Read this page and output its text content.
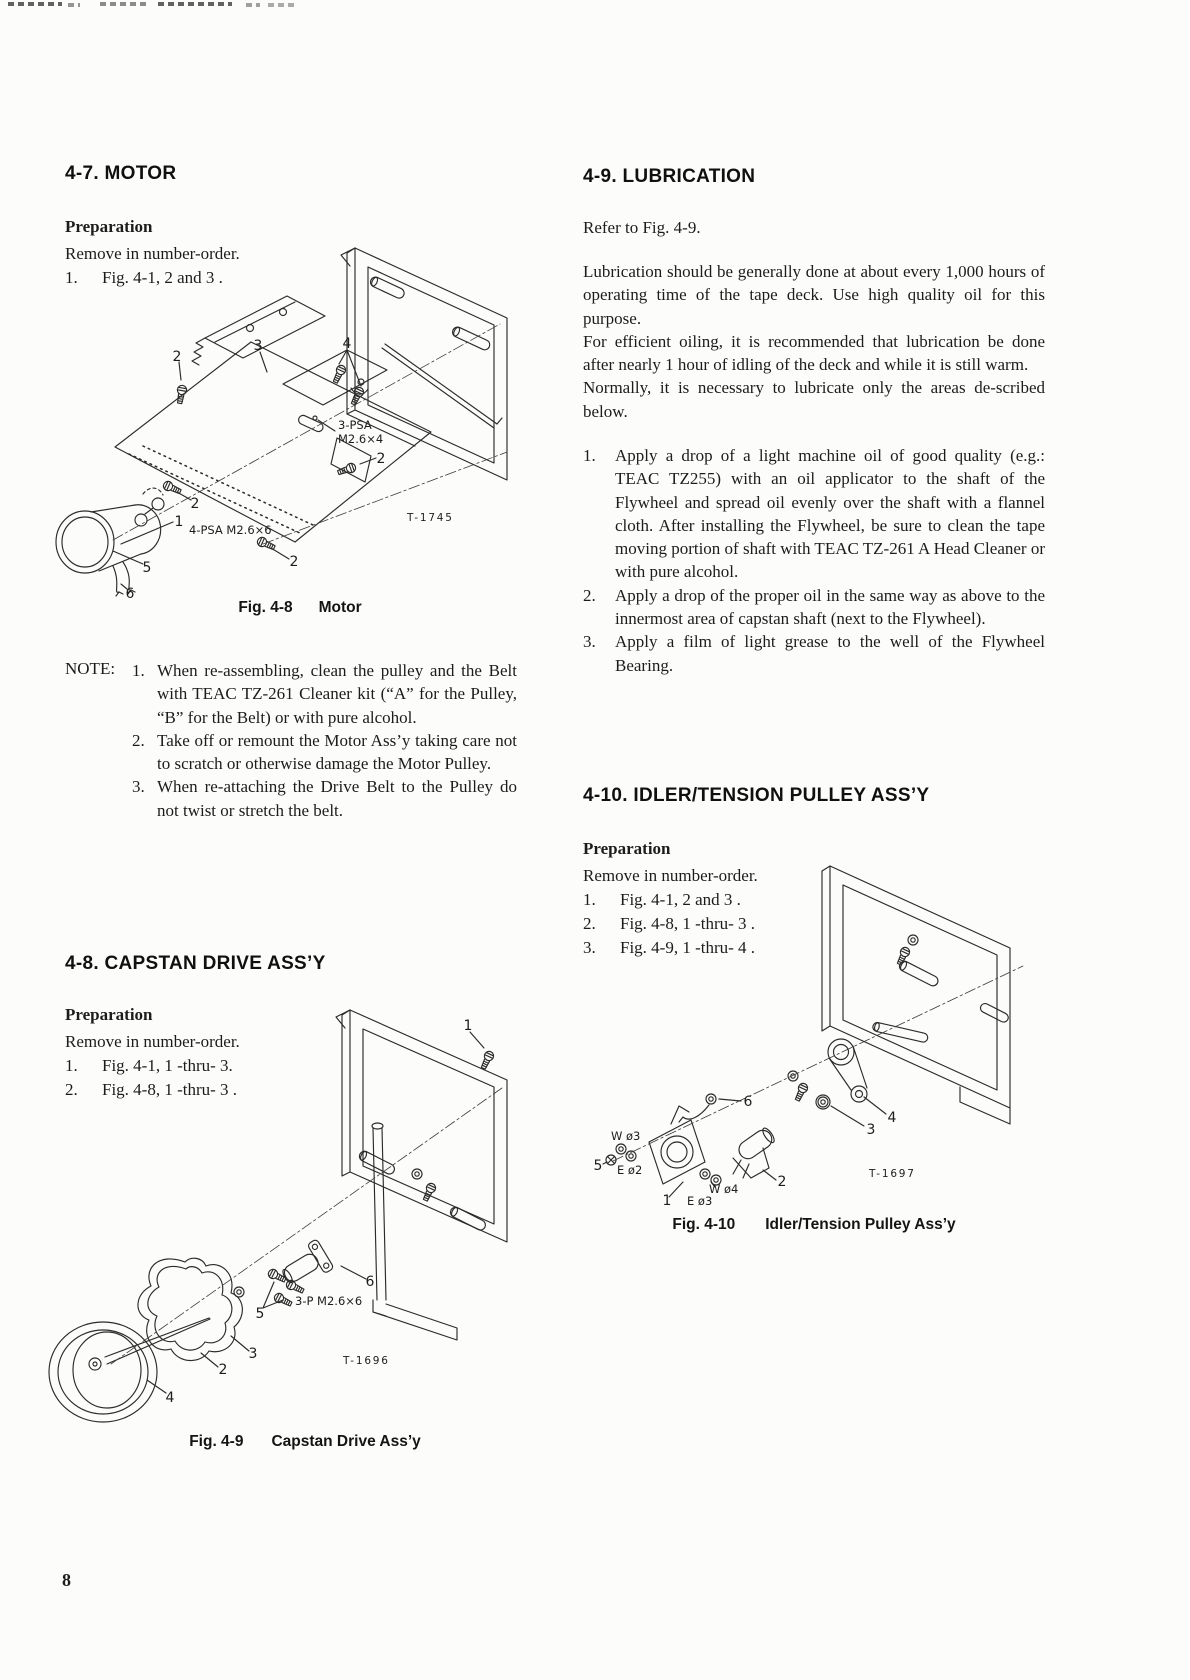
4-7. MOTOR
Preparation
Remove in number-order.
1.	Fig. 4-1, 2 and 3 .
2
3	4
2
2
1
2
5
6
3-PSA
M2.6×4
4-PSA M2.6×6
T-1745
Fig. 4-8 Motor
NOTE: 1. When re-assembling, clean the pulley and the Belt with TEAC TZ-261 Cleaner kit (“A” for the Pulley, “B” for the Belt) or with pure alcohol.
2. Take off or remount the Motor Ass’y taking care not to scratch or otherwise damage the Motor Pulley.
3. When re-attaching the Drive Belt to the Pulley do not twist or stretch the belt.
4-8. CAPSTAN DRIVE ASS’Y
Preparation
Remove in number-order.
1.	Fig. 4-1, 1 -thru- 3.
2.	Fig. 4-8, 1 -thru- 3 .
1
6
5
3
2
4
3-P M2.6×6
T-1696
Fig. 4-9 Capstan Drive Ass’y
8
4-9. LUBRICATION
Refer to Fig. 4-9.

Lubrication should be generally done at about every 1,000 hours of operating time of the tape deck. Use high quality oil for this purpose.

For efficient oiling, it is recommended that lubrication be done after nearly 1 hour of idling of the deck and while it is still warm.

Normally, it is necessary to lubricate only the areas de-scribed below.

1.	Apply a drop of a light machine oil of good quality (e.g.: TEAC TZ255) with an oil applicator to the shaft of the Flywheel and spread oil evenly over the shaft with a flannel cloth. After installing the Flywheel, be sure to clean the tape moving portion of shaft with TEAC TZ-261 A Head Cleaner or with pure alcohol.
2.	Apply a drop of the proper oil in the same way as above to the innermost area of capstan shaft (next to the Flywheel).
3.	Apply a film of light grease to the well of the Flywheel Bearing.
4-10. IDLER/TENSION PULLEY ASS’Y
Preparation
Remove in number-order.
1.	Fig. 4-1, 2 and 3 .
2.	Fig. 4-8, 1 -thru- 3 .
3.	Fig. 4-9, 1 -thru- 4 .
6
4
3
5
1
2
W ø3
E ø2
W ø4
E ø3
T-1697
Fig. 4-10 Idler/Tension Pulley Ass’y
